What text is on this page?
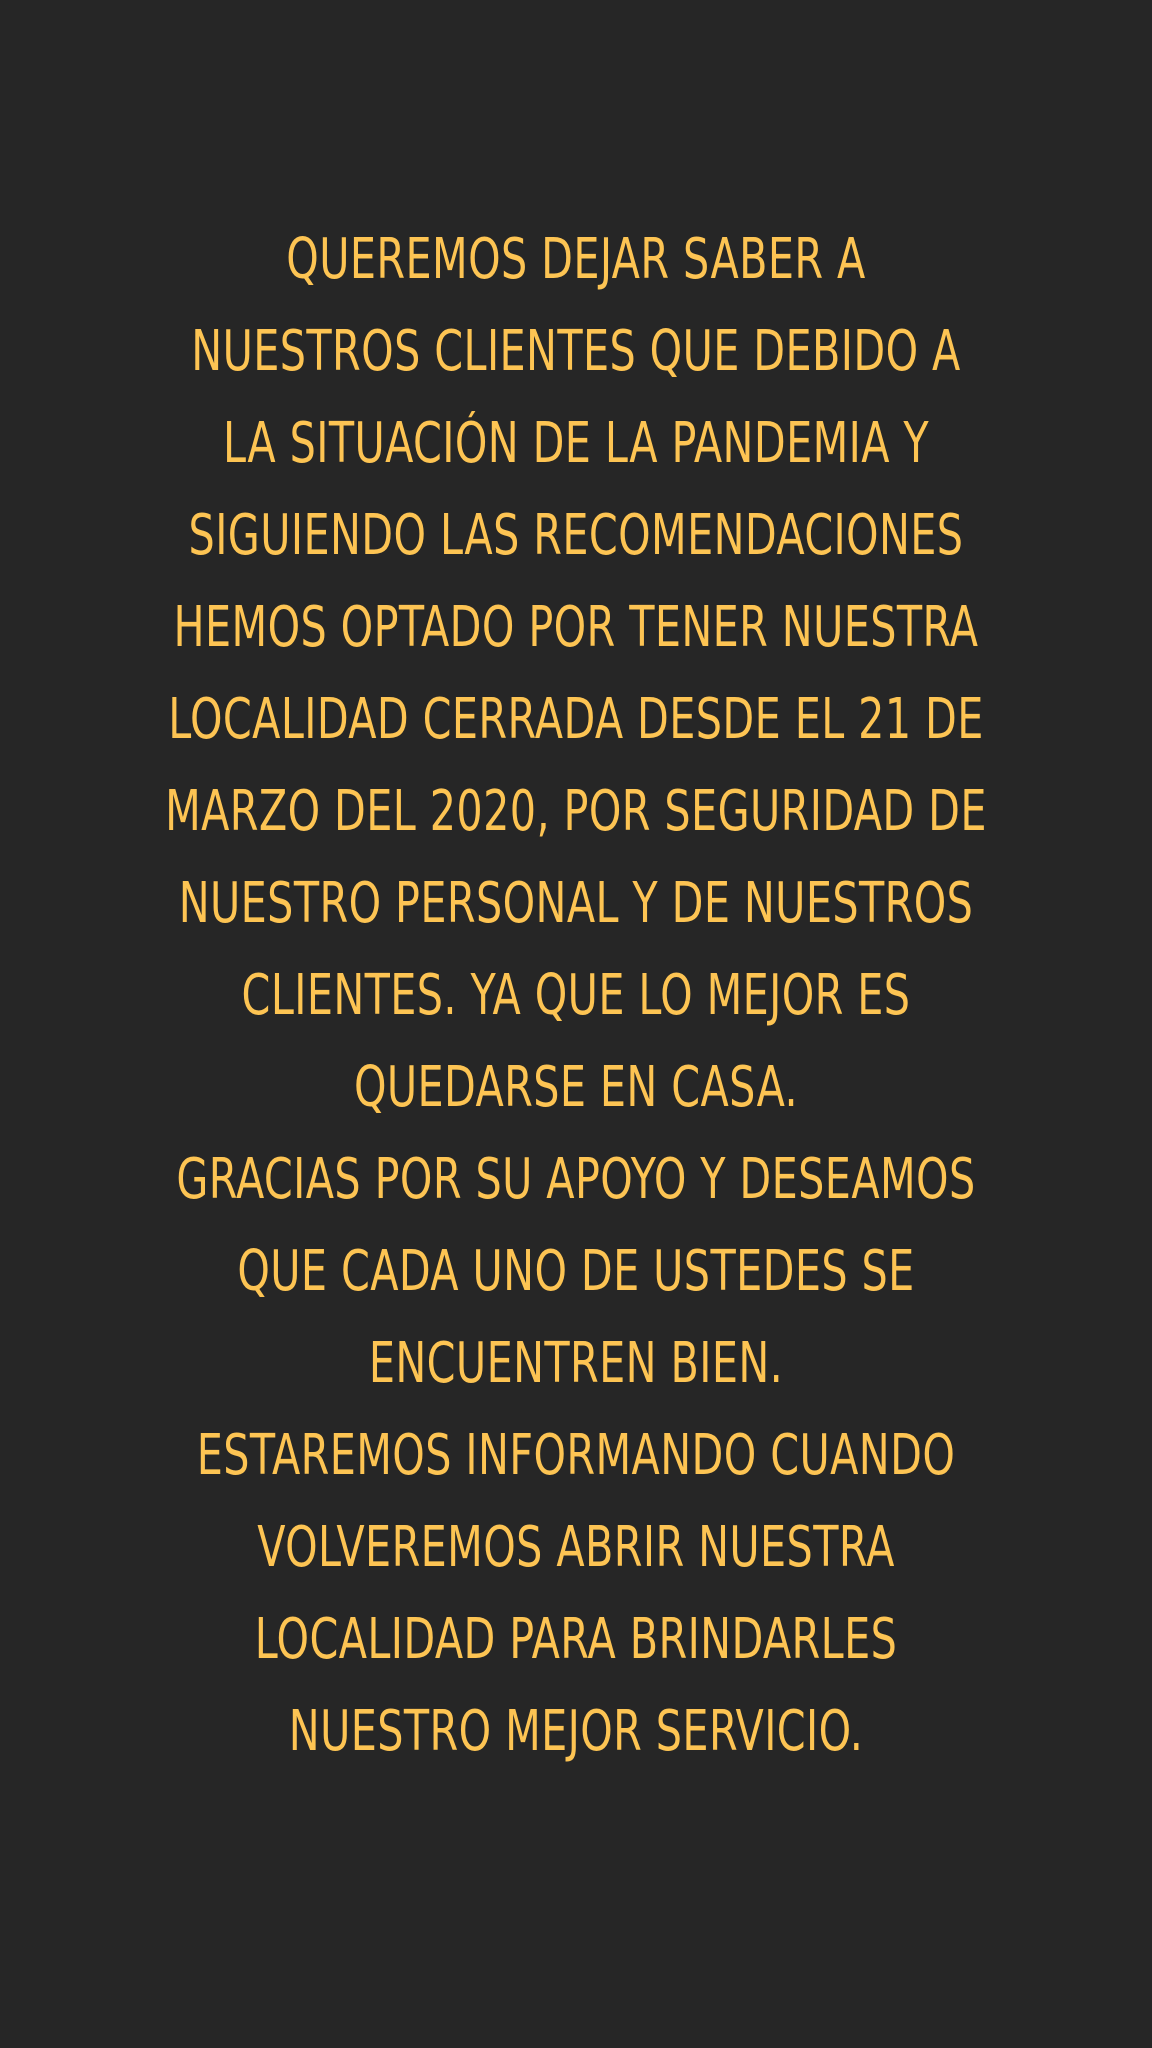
QUEREMOS DEJAR SABER A
NUESTROS CLIENTES QUE DEBIDO A
LA SITUACIÓN DE LA PANDEMIA Y
SIGUIENDO LAS RECOMENDACIONES
HEMOS OPTADO POR TENER NUESTRA
LOCALIDAD CERRADA DESDE EL 21 DE
MARZO DEL 2020, POR SEGURIDAD DE
NUESTRO PERSONAL Y DE NUESTROS
CLIENTES. YA QUE LO MEJOR ES
QUEDARSE EN CASA.
GRACIAS POR SU APOYO Y DESEAMOS
QUE CADA UNO DE USTEDES SE
ENCUENTREN BIEN.
ESTAREMOS INFORMANDO CUANDO
VOLVEREMOS ABRIR NUESTRA
LOCALIDAD PARA BRINDARLES
NUESTRO MEJOR SERVICIO.
